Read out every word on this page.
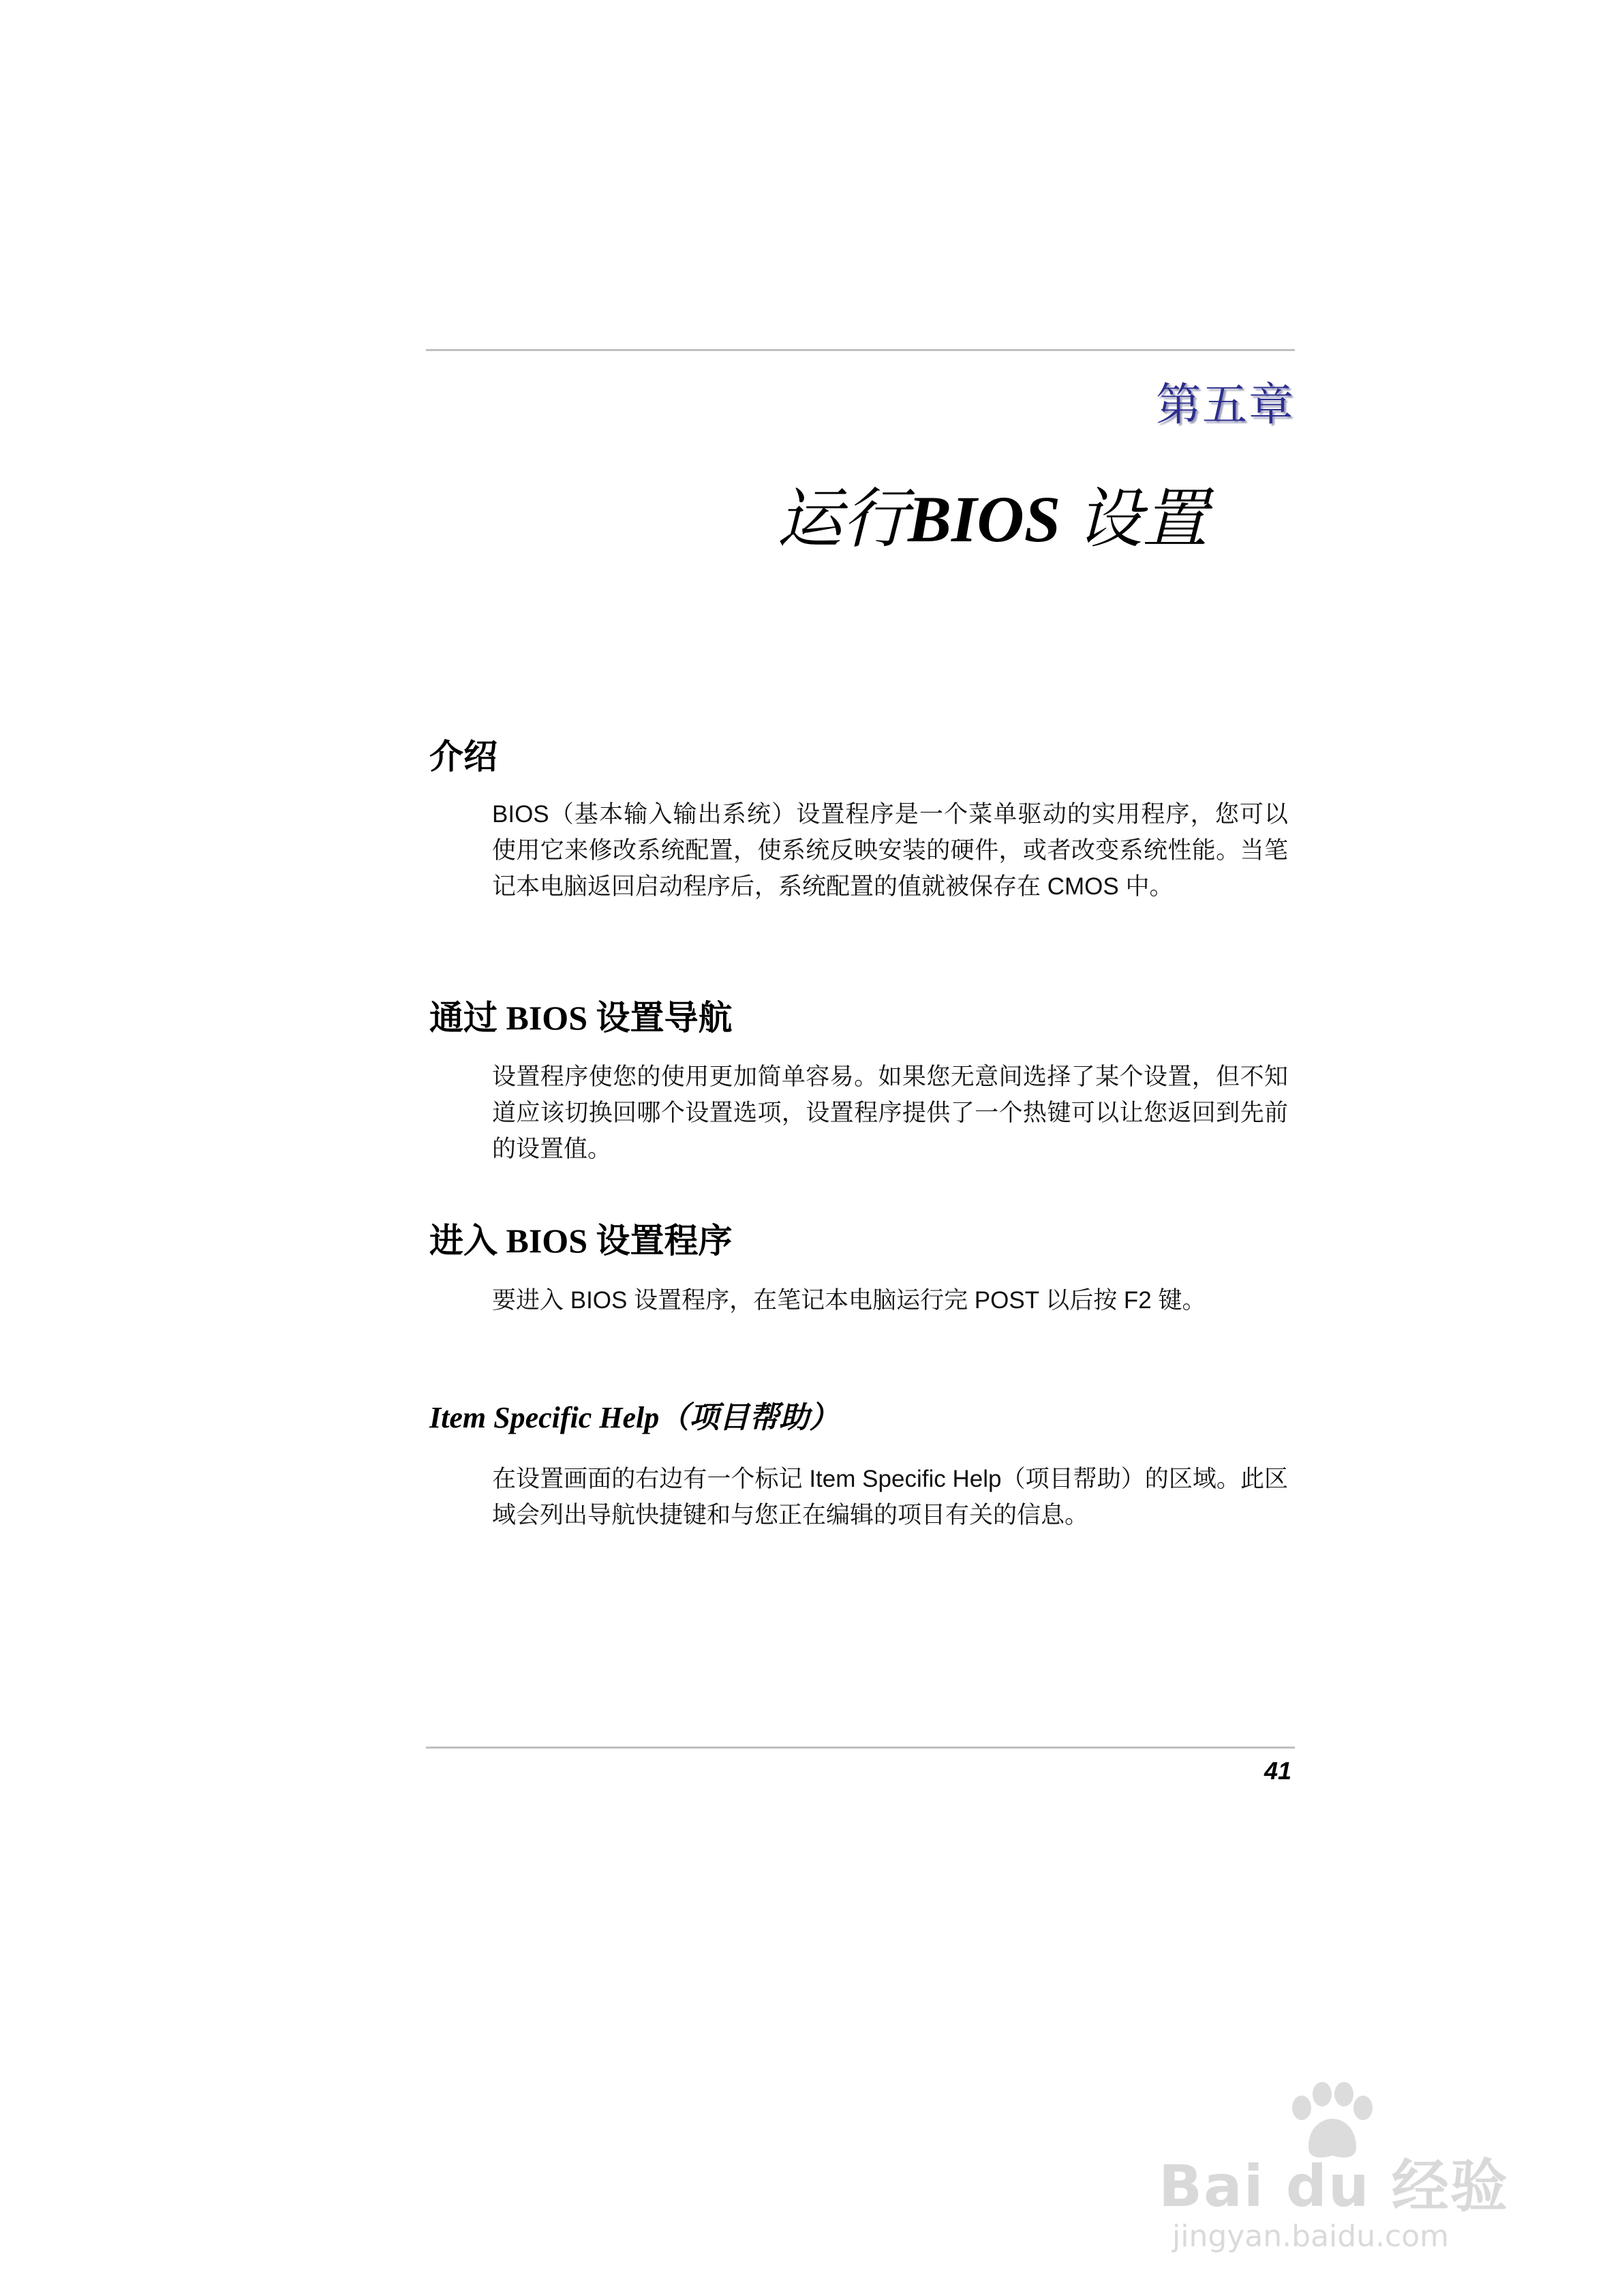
第五章
运行BIOS 设置
介绍

BIOS（基本输入输出系统）设置程序是一个菜单驱动的实用程序，您可以使用它来修改系统配置，使系统反映安装的硬件，或者改变系统性能。当笔记本电脑返回启动程序后，系统配置的值就被保存在 CMOS 中。

通过 BIOS 设置导航

设置程序使您的使用更加简单容易。如果您无意间选择了某个设置，但不知道应该切换回哪个设置选项，设置程序提供了一个热键可以让您返回到先前的设置值。

进入 BIOS 设置程序

要进入 BIOS 设置程序，在笔记本电脑运行完 POST 以后按 F2 键。

Item Specific Help（项目帮助）

在设置画面的右边有一个标记 Item Specific Help（项目帮助）的区域。此区域会列出导航快捷键和与您正在编辑的项目有关的信息。

41
Bai du 经验
jingyan.baidu.com
